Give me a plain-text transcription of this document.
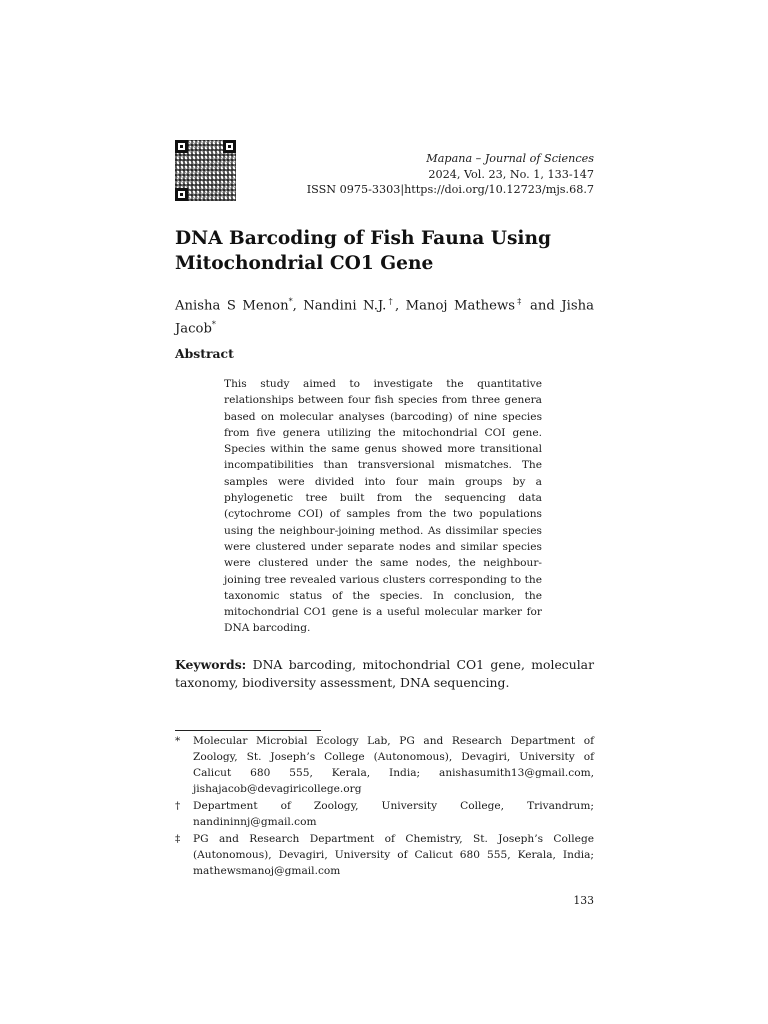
Mapana – Journal of Sciences
2024, Vol. 23, No. 1, 133-147
ISSN 0975-3303|https://doi.org/10.12723/mjs.68.7
DNA Barcoding of Fish Fauna Using Mitochondrial CO1 Gene
Anisha S Menon*, Nandini N.J.†, Manoj Mathews‡ and Jisha Jacob*
Abstract
This study aimed to investigate the quantitative relationships between four fish species from three genera based on molecular analyses (barcoding) of nine species from five genera utilizing the mitochondrial COI gene. Species within the same genus showed more transitional incompatibilities than transversional mismatches. The samples were divided into four main groups by a phylogenetic tree built from the sequencing data (cytochrome COI) of samples from the two populations using the neighbour-joining method. As dissimilar species were clustered under separate nodes and similar species were clustered under the same nodes, the neighbour-joining tree revealed various clusters corresponding to the taxonomic status of the species. In conclusion, the mitochondrial CO1 gene is a useful molecular marker for DNA barcoding.
Keywords: DNA barcoding, mitochondrial CO1 gene, molecular taxonomy, biodiversity assessment, DNA sequencing.
* Molecular Microbial Ecology Lab, PG and Research Department of Zoology, St. Joseph’s College (Autonomous), Devagiri, University of Calicut 680 555, Kerala, India; anishasumith13@gmail.com, jishajacob@devagiricollege.org
† Department of Zoology, University College, Trivandrum; nandininnj@gmail.com
‡ PG and Research Department of Chemistry, St. Joseph’s College (Autonomous), Devagiri, University of Calicut 680 555, Kerala, India; mathewsmanoj@gmail.com
133
